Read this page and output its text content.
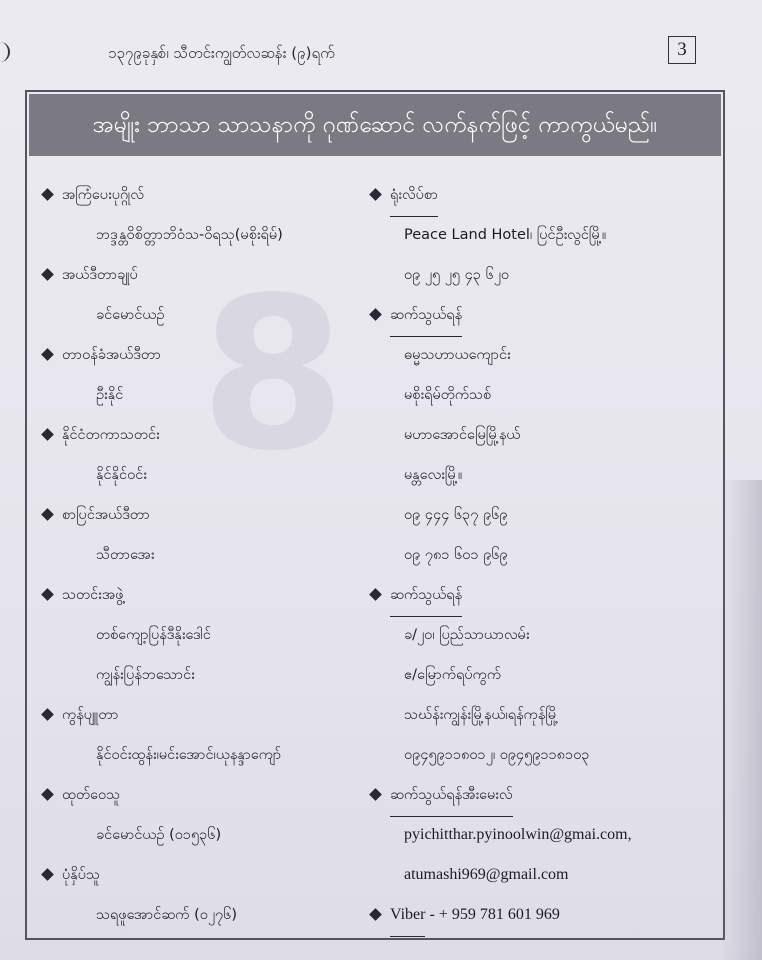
၁၃၇၉ခုနှစ်၊ သီတင်းကျွတ်လဆန်း (၉)ရက်	3
8
အမျိုး ဘာသာ သာသနာကို ဂုဏ်ဆောင် လက်နက်ဖြင့် ကာကွယ်မည်။
အကြံပေးပုဂ္ဂိုလ်
ဘဒ္ဒန္တဝိစိတ္တာဘိဝံသ-ဝိရသု(မစိုးရိမ်)
အယ်ဒီတာချုပ်
ခင်မောင်ယဉ်
တာဝန်ခံအယ်ဒီတာ
ဦးနိုင်
နိုင်ငံတကာသတင်း
နိုင်နိုင်ဝင်း
စာပြင်အယ်ဒီတာ
သီတာအေး
သတင်းအဖွဲ့
တစ်ကျော့ပြန်ဒီနိုးဒေါင်
ကျွန်းပြန်ဘသောင်း
ကွန်ပျူတာ
နိုင်ဝင်းထွန်း၊မင်းအောင်၊ယုနန္ဒာကျော်
ထုတ်ဝေသူ
ခင်မောင်ယဉ် (၀၁၅၃၆)
ပုံနှိပ်သူ
သရဖူအောင်ဆက် (၀၂၇၆)
ရုံးလိပ်စာ
Peace Land Hotel၊ ပြင်ဦးလွင်မြို့။
၀၉ ၂၅ ၂၅ ၄၃ ၆၂၀
ဆက်သွယ်ရန်
ဓမ္မသဟာယကျောင်း
မစိုးရိမ်တိုက်သစ်
မဟာအောင်မြေမြို့နယ်
မန္တလေးမြို့။
၀၉ ၄၄၄ ၆၃၇ ၉၆၉
၀၉ ၇၈၁ ၆၀၁ ၉၆၉
ဆက်သွယ်ရန်
ခ/၂၀၊ ပြည်သာယာလမ်း
ဧ/မြောက်ရပ်ကွက်
သဃ်န်းကျွန်းမြို့နယ်၊ရန်ကုန်မြို့
၀၉၄၅၉၁၁၈၀၁၂၊ ၀၉၄၅၉၁၁၈၁၀၃
ဆက်သွယ်ရန်အီးမေးလ်
pyichitthar.pyinoolwin@gmai.com,
atumashi969@gmail.com
Viber - + 959 781 601 969
